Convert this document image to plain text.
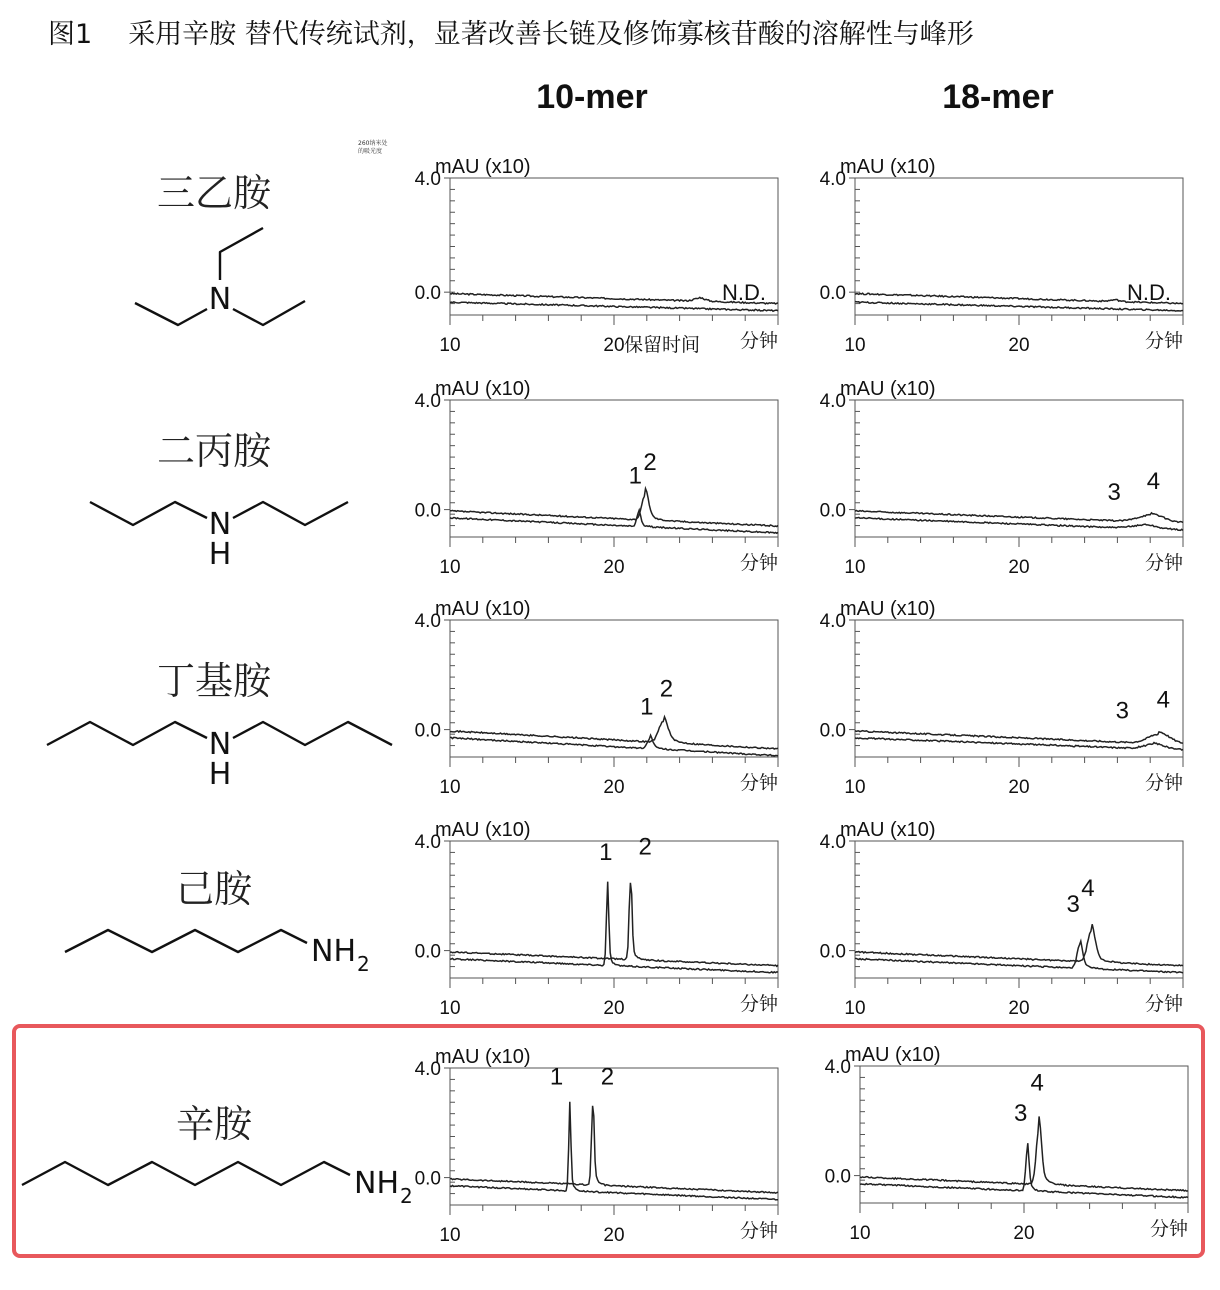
图1 采用辛胺 替代传统试剂，显著改善长链及修饰寡核苷酸的溶解性与峰形
10-mer	18-mer
260纳米处
的吸光度
三乙胺
二丙胺
丁基胺
己胺
辛胺
N
N
H
N
H
NH 2
NH 2
mAU (x10)
4.0
0.0
10	20 保留时间 分钟
N.D.
mAU (x10)
4.0
0.0
10	20	分钟
N.D.
mAU (x10)
4.0
0.0
10	20	分钟
1
2
mAU (x10)
4.0
0.0
10	20	分钟
3 4
mAU (x10)
4.0
0.0
10	20	分钟
1
2
mAU (x10)
4.0
0.0
10	20	分钟
3 4
mAU (x10)
4.0
0.0
10	20	分钟
1 2
mAU (x10)
4.0
0.0
10	20	分钟
3
4
mAU (x10)
4.0
0.0
10	20	分钟
1 2
mAU (x10)
4.0
0.0
10	20	分钟
3
4
